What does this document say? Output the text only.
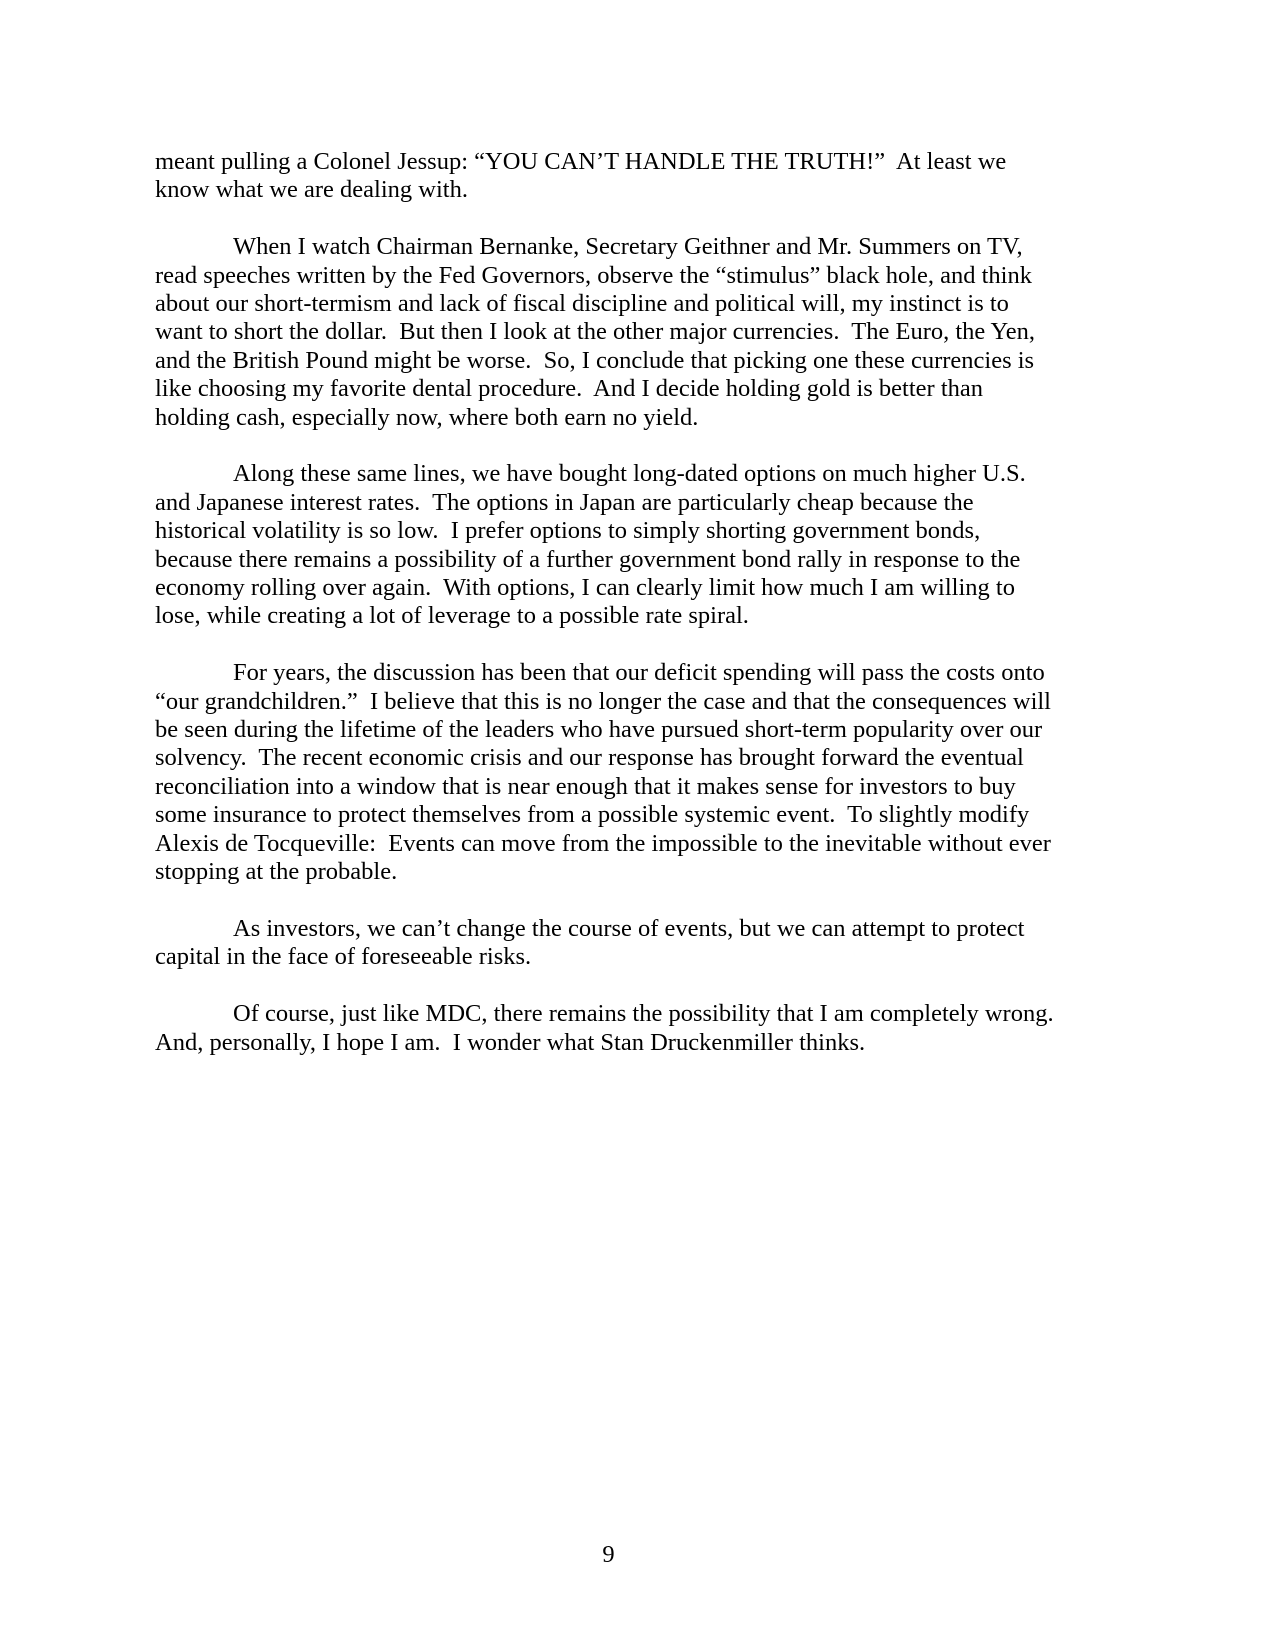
meant pulling a Colonel Jessup: “YOU CAN’T HANDLE THE TRUTH!”  At least we know what we are dealing with.

When I watch Chairman Bernanke, Secretary Geithner and Mr. Summers on TV, read speeches written by the Fed Governors, observe the “stimulus” black hole, and think about our short-termism and lack of fiscal discipline and political will, my instinct is to want to short the dollar.  But then I look at the other major currencies.  The Euro, the Yen, and the British Pound might be worse.  So, I conclude that picking one these currencies is like choosing my favorite dental procedure.  And I decide holding gold is better than holding cash, especially now, where both earn no yield.

Along these same lines, we have bought long-dated options on much higher U.S. and Japanese interest rates.  The options in Japan are particularly cheap because the historical volatility is so low.  I prefer options to simply shorting government bonds, because there remains a possibility of a further government bond rally in response to the economy rolling over again.  With options, I can clearly limit how much I am willing to lose, while creating a lot of leverage to a possible rate spiral.

For years, the discussion has been that our deficit spending will pass the costs onto “our grandchildren.”  I believe that this is no longer the case and that the consequences will be seen during the lifetime of the leaders who have pursued short-term popularity over our solvency.  The recent economic crisis and our response has brought forward the eventual reconciliation into a window that is near enough that it makes sense for investors to buy some insurance to protect themselves from a possible systemic event.  To slightly modify Alexis de Tocqueville:  Events can move from the impossible to the inevitable without ever stopping at the probable.

As investors, we can’t change the course of events, but we can attempt to protect capital in the face of foreseeable risks.

Of course, just like MDC, there remains the possibility that I am completely wrong.  And, personally, I hope I am.  I wonder what Stan Druckenmiller thinks.

9
